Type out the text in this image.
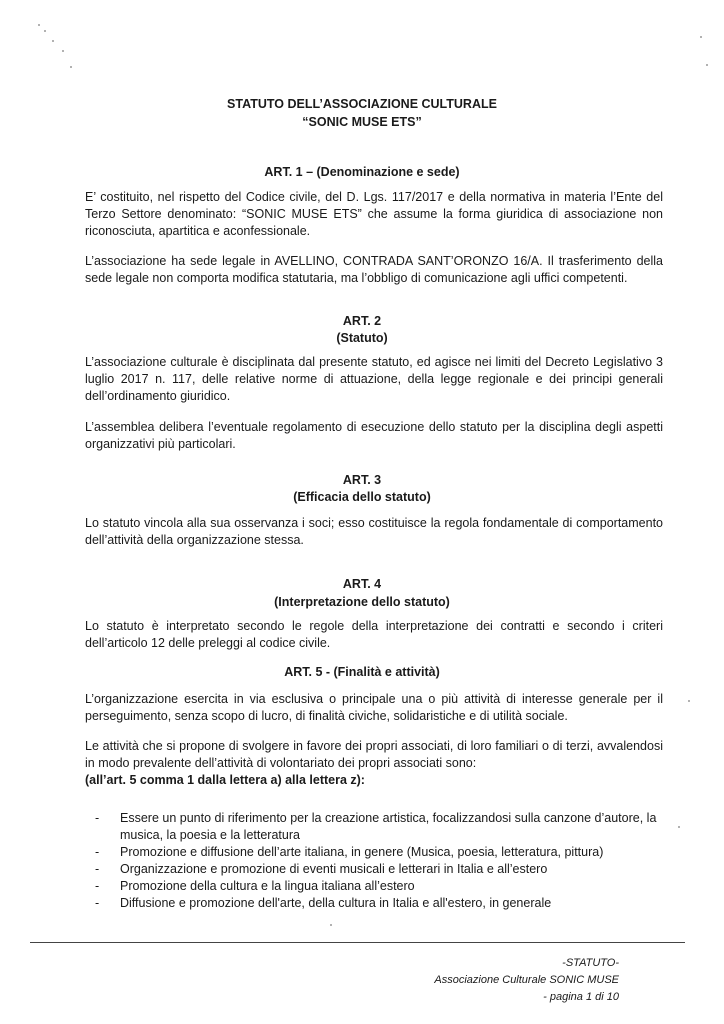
STATUTO DELL’ASSOCIAZIONE CULTURALE
“SONIC MUSE ETS”
ART. 1 – (Denominazione e sede)

E’ costituito, nel rispetto del Codice civile, del D. Lgs. 117/2017 e della normativa in materia l’Ente del Terzo Settore denominato: “SONIC MUSE ETS” che assume la forma giuridica di associazione non riconosciuta, apartitica e aconfessionale.

L’associazione ha sede legale in AVELLINO, CONTRADA SANT’ORONZO 16/A. Il trasferimento della sede legale non comporta modifica statutaria, ma l’obbligo di comunicazione agli uffici competenti.

ART. 2
(Statuto)

L’associazione culturale è disciplinata dal presente statuto, ed agisce nei limiti del Decreto Legislativo 3 luglio 2017 n. 117, delle relative norme di attuazione, della legge regionale e dei principi generali dell’ordinamento giuridico.

L’assemblea delibera l’eventuale regolamento di esecuzione dello statuto per la disciplina degli aspetti organizzativi più particolari.

ART. 3
(Efficacia dello statuto)

Lo statuto vincola alla sua osservanza i soci; esso costituisce la regola fondamentale di comportamento dell’attività della organizzazione stessa.

ART. 4
(Interpretazione dello statuto)

Lo statuto è interpretato secondo le regole della interpretazione dei contratti e secondo i criteri dell’articolo 12 delle preleggi al codice civile.

ART. 5 - (Finalità e attività)

L’organizzazione esercita in via esclusiva o principale una o più attività di interesse generale per il perseguimento, senza scopo di lucro, di finalità civiche, solidaristiche e di utilità sociale.

Le attività che si propone di svolgere in favore dei propri associati, di loro familiari o di terzi, avvalendosi in modo prevalente dell’attività di volontariato dei propri associati sono:

(all’art. 5 comma 1 dalla lettera a) alla lettera z):

- Essere un punto di riferimento per la creazione artistica, focalizzandosi sulla canzone d’autore, la musica, la poesia e la letteratura
- Promozione e diffusione dell’arte italiana, in genere (Musica, poesia, letteratura, pittura)
- Organizzazione e promozione di eventi musicali e letterari in Italia e all’estero
- Promozione della cultura e la lingua italiana all’estero
- Diffusione e promozione dell'arte, della cultura in Italia e all'estero, in generale
-STATUTO-
Associazione Culturale SONIC MUSE
- pagina 1 di 10
